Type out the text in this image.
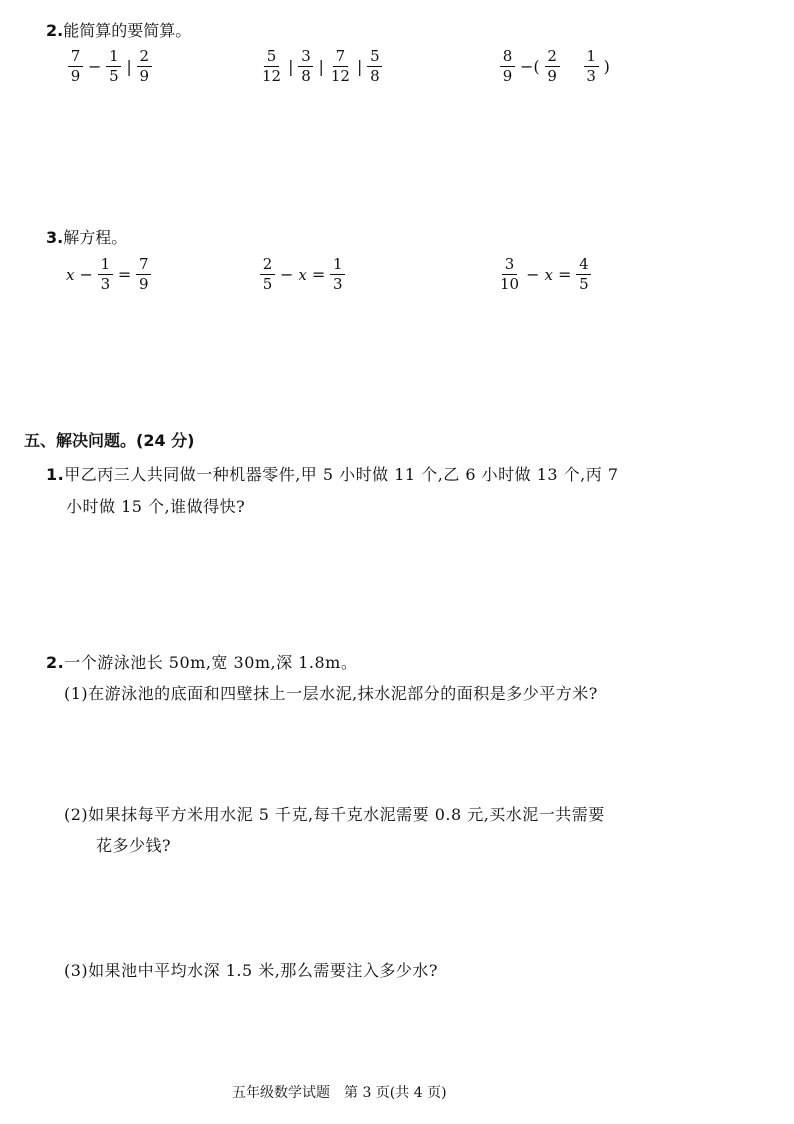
2.能简算的要简算。
$\frac{7}{9} - \frac{1}{5}$ | $\frac{2}{9}$	$\frac{5}{12}$ | $\frac{3}{8}$ | $\frac{7}{12}$ | $\frac{5}{8}$	$\frac{8}{9}$ −( $\frac{2}{9} \frac{1}{3}$ )
3.解方程。
$x - \frac{1}{3} = \frac{7}{9}$	$\frac{2}{5} - x = \frac{1}{3}$	$\frac{3}{10} - x = \frac{4}{5}$
五、解决问题。(24 分)
1.甲乙丙三人共同做一种机器零件,甲 5 小时做 11 个,乙 6 小时做 13 个,丙 7
小时做 15 个,谁做得快?
2.一个游泳池长 50m,宽 30m,深 1.8m。
(1)在游泳池的底面和四壁抹上一层水泥,抹水泥部分的面积是多少平方米?
(2)如果抹每平方米用水泥 5 千克,每千克水泥需要 0.8 元,买水泥一共需要
花多少钱?
(3)如果池中平均水深 1.5 米,那么需要注入多少水?
五年级数学试题　第 3 页(共 4 页)
